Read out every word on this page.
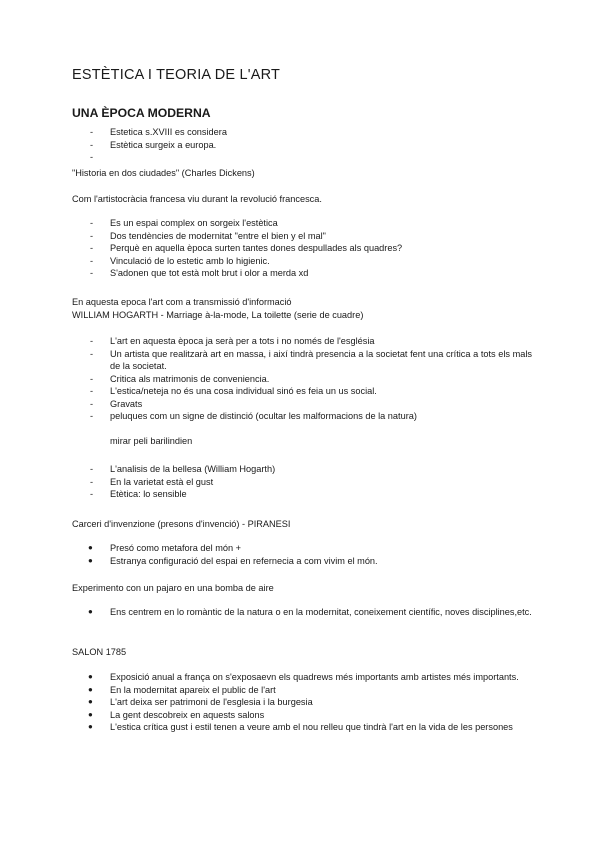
ESTÈTICA I TEORIA DE L'ART
UNA ÈPOCA MODERNA
- Estetica s.XVIII es considera
- Estètica surgeix a europa.
-

"Historia en dos ciudades" (Charles Dickens)

Com l'artistocràcia francesa viu durant la revolució francesca.

- Es un espai complex on sorgeix l'estètica
- Dos tendències de modernitat "entre el bien y el mal"
- Perquè en aquella època surten tantes dones despullades als quadres?
- Vinculació de lo estetic amb lo higienic.
- S'adonen que tot està molt brut i olor a merda xd

En aquesta epoca l'art com a transmissió d'informació

WILLIAM HOGARTH - Marriage à-la-mode, La toilette (serie de cuadre)

- L'art en aquesta època ja serà per a tots i no només de l'església
- Un artista que realitzarà art en massa, i així tindrà presencia a la societat fent una crítica a tots els mals de la societat.
- Critica als matrimonis de conveniencia.
- L'estica/neteja no és una cosa individual sinó es feia un us social.
- Gravats
- peluques com un signe de distinció (ocultar les malformacions de la natura)

mirar peli barilindien

- L'analisis de la bellesa (William Hogarth)
- En la varietat està el gust
- Etètica: lo sensible

Carceri d'invenzione (presons d'invenció) - PIRANESI

● Presó como metafora del món +
● Estranya configuració del espai en refernecia a com vivim el món.

Experimento con un pajaro en una bomba de aire

● Ens centrem en lo romàntic de la natura o en la modernitat, coneixement científic, noves disciplines,etc.

SALON 1785

● Exposició anual a frança on s'exposaevn els quadrews més importants amb artistes més importants.
● En la modernitat apareix el public de l'art
● L'art deixa ser patrimoni de l'esglesia i la burgesia
● La gent descobreix en aquests salons
● L'estica crítica gust i estil tenen a veure amb el nou relleu que tindrà l'art en la vida de les persones
